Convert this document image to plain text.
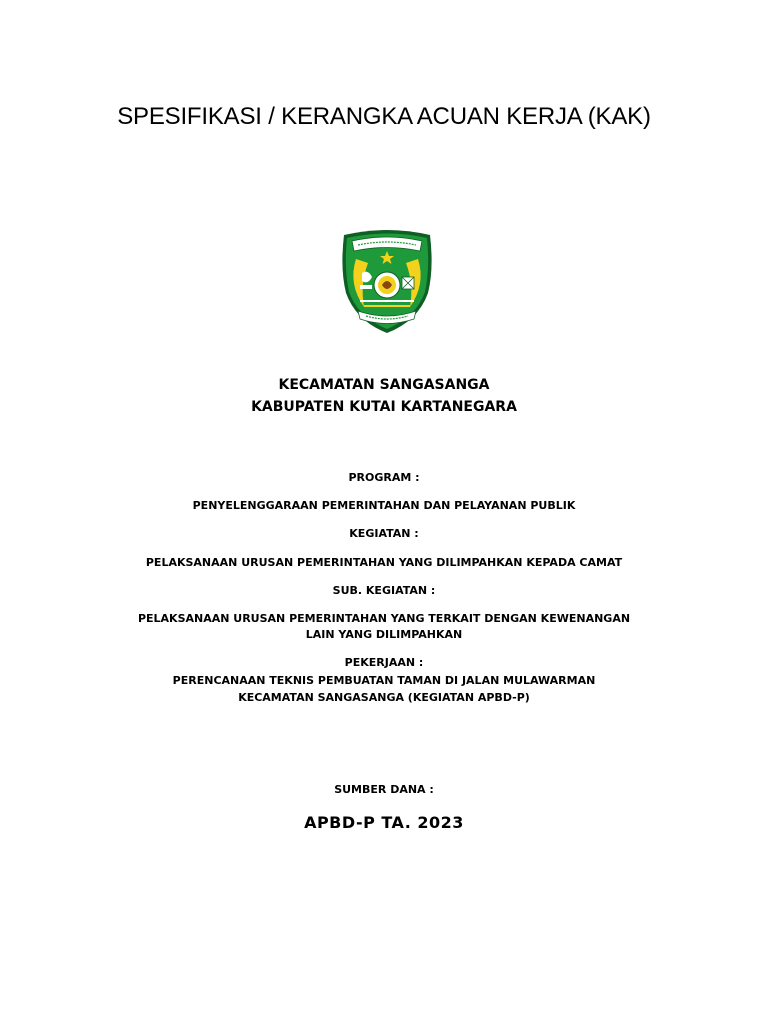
SPESIFIKASI / KERANGKA ACUAN KERJA (KAK)
KECAMATAN SANGASANGA
KABUPATEN KUTAI KARTANEGARA
PROGRAM :
PENYELENGGARAAN PEMERINTAHAN DAN PELAYANAN PUBLIK
KEGIATAN :
PELAKSANAAN URUSAN PEMERINTAHAN YANG DILIMPAHKAN KEPADA CAMAT
SUB. KEGIATAN :
PELAKSANAAN URUSAN PEMERINTAHAN YANG TERKAIT DENGAN KEWENANGAN
LAIN YANG DILIMPAHKAN
PEKERJAAN :
PERENCANAAN TEKNIS PEMBUATAN TAMAN DI JALAN MULAWARMAN
KECAMATAN SANGASANGA (KEGIATAN APBD-P)
SUMBER DANA :
APBD-P TA. 2023
